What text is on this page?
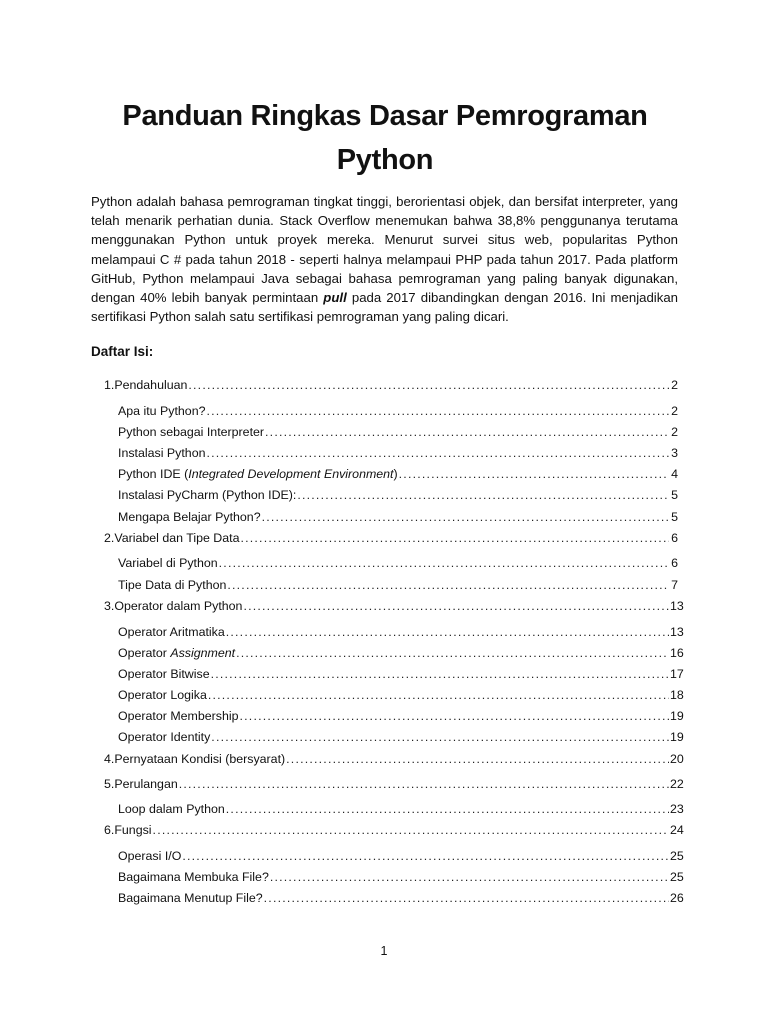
Panduan Ringkas Dasar Pemrograman
Python

Python adalah bahasa pemrograman tingkat tinggi, berorientasi objek, dan bersifat interpreter, yang telah menarik perhatian dunia. Stack Overflow menemukan bahwa 38,8% penggunanya terutama menggunakan Python untuk proyek mereka. Menurut survei situs web, popularitas Python melampaui C # pada tahun 2018 - seperti halnya melampaui PHP pada tahun 2017. Pada platform GitHub, Python melampaui Java sebagai bahasa pemrograman yang paling banyak digunakan, dengan 40% lebih banyak permintaan pull pada 2017 dibandingkan dengan 2016. Ini menjadikan sertifikasi Python salah satu sertifikasi pemrograman yang paling dicari.

Daftar Isi:
1. Pendahuluan .....	2
Apa itu Python? .....	2
Python sebagai Interpreter .....	2
Instalasi Python .....	3
Python IDE (Integrated Development Environment) .....	4
Instalasi PyCharm (Python IDE): .....	5
Mengapa Belajar Python? .....	5
2. Variabel dan Tipe Data .....	6
Variabel di Python .....	6
Tipe Data di Python .....	7
3. Operator dalam Python .....	13
Operator Aritmatika .....	13
Operator Assignment .....	16
Operator Bitwise .....	17
Operator Logika .....	18
Operator Membership .....	19
Operator Identity .....	19
4. Pernyataan Kondisi (bersyarat) .....	20
5. Perulangan .....	22
Loop dalam Python .....	23
6. Fungsi .....	24
Operasi I/O .....	25
Bagaimana Membuka File? .....	25
Bagaimana Menutup File? .....	26
1
